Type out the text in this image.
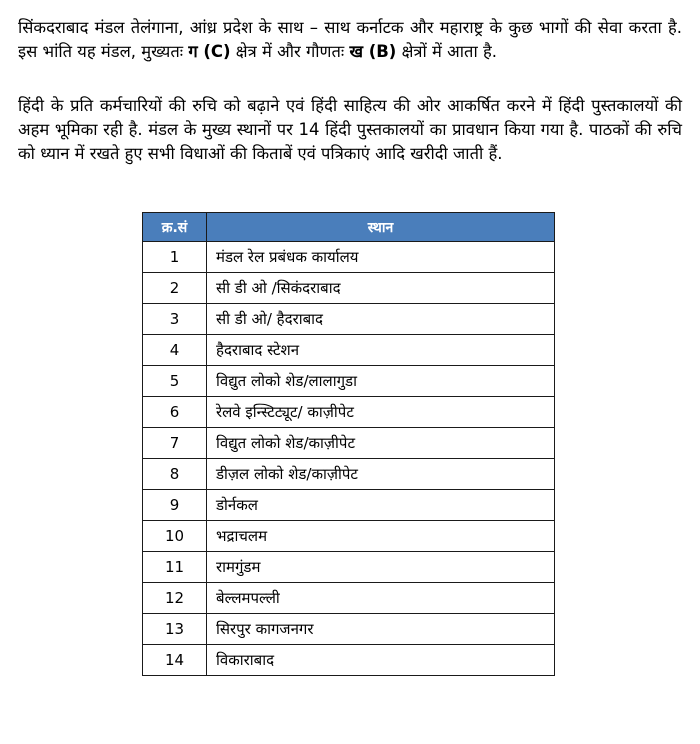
सिंकदराबाद मंडल तेलंगाना, आंध्र प्रदेश के साथ – साथ कर्नाटक और महाराष्ट्र के कुछ भागों की सेवा करता है. इस भांति यह मंडल, मुख्यतः ग (C) क्षेत्र में और गौणतः ख (B) क्षेत्रों में आता है.

हिंदी के प्रति कर्मचारियों की रुचि को बढ़ाने एवं हिंदी साहित्य की ओर आकर्षित करने में हिंदी पुस्तकालयों की अहम भूमिका रही है. मंडल के मुख्य स्थानों पर 14 हिंदी पुस्तकालयों का प्रावधान किया गया है. पाठकों की रुचि को ध्यान में रखते हुए सभी विधाओं की किताबें एवं पत्रिकाएं आदि खरीदी जाती हैं.

क्र.सं	स्थान
1	मंडल रेल प्रबंधक कार्यालय
2	सी डी ओ /सिकंदराबाद
3	सी डी ओ/ हैदराबाद
4	हैदराबाद स्टेशन
5	विद्युत लोको शेड/लालागुडा
6	रेलवे इन्स्टिट्यूट/ काज़ीपेट
7	विद्युत लोको शेड/काज़ीपेट
8	डीज़ल लोको शेड/काज़ीपेट
9	डोर्नकल
10	भद्राचलम
11	रामगुंडम
12	बेल्लमपल्ली
13	सिरपुर कागजनगर
14	विकाराबाद
